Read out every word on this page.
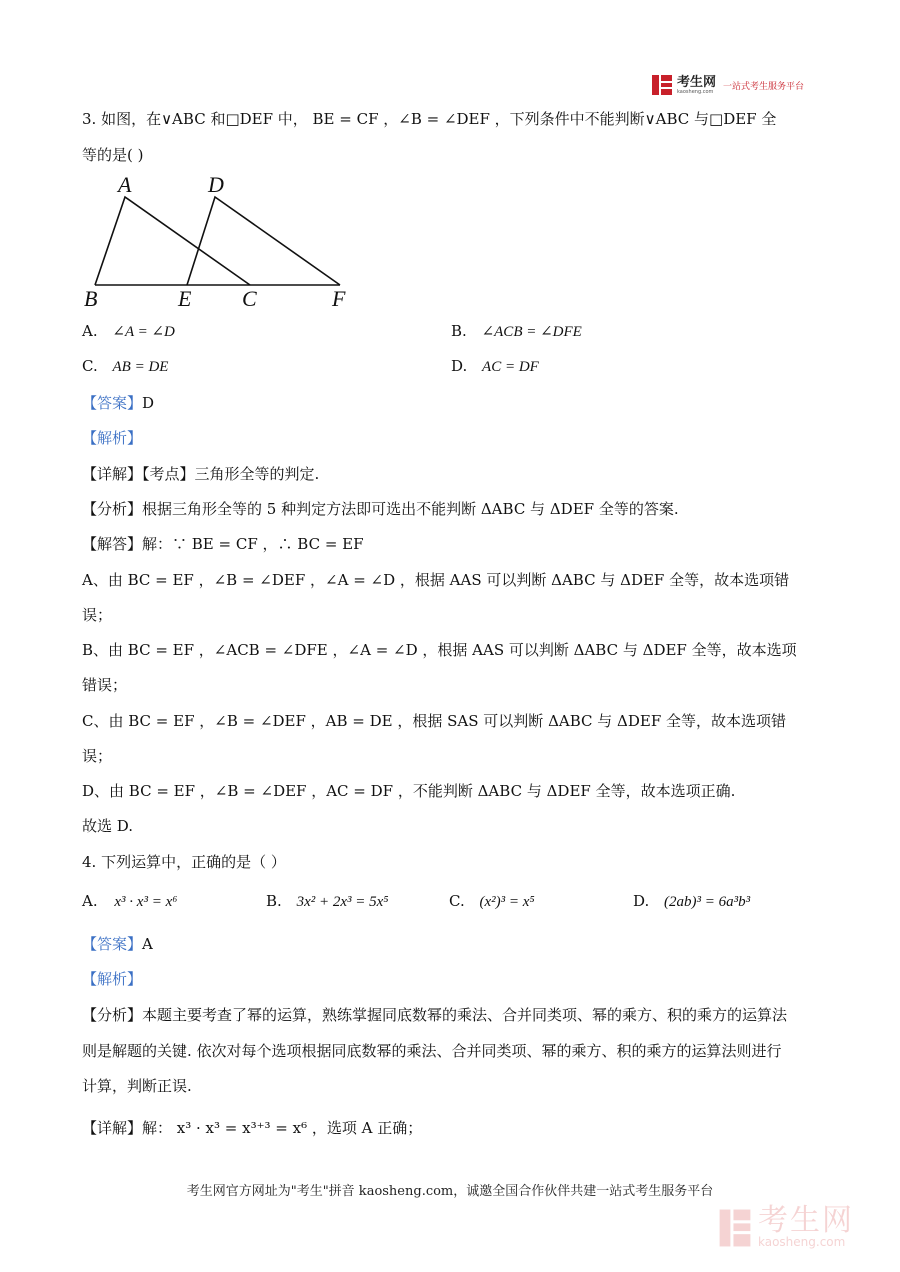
考生网
kaosheng.com 一站式考生服务平台
3. 如图，在∨ABC 和□DEF 中， BE = CF ，∠B = ∠DEF ，下列条件中不能判断∨ABC 与□DEF 全
等的是( )
A	D
B	E C	F
A. ∠A = ∠D	B. ∠ACB = ∠DFE
C. AB = DE	D. AC = DF
【答案】D
【解析】
【详解】【考点】三角形全等的判定.
【分析】根据三角形全等的 5 种判定方法即可选出不能判断 ΔABC 与 ΔDEF 全等的答案.
【解答】解：∵ BE = CF ，∴ BC = EF
A、由 BC = EF ，∠B = ∠DEF ，∠A = ∠D ，根据 AAS 可以判断 ΔABC 与 ΔDEF 全等，故本选项错
误；
B、由 BC = EF ，∠ACB = ∠DFE ，∠A = ∠D ，根据 AAS 可以判断 ΔABC 与 ΔDEF 全等，故本选项
错误；
C、由 BC = EF ，∠B = ∠DEF ，AB = DE ，根据 SAS 可以判断 ΔABC 与 ΔDEF 全等，故本选项错
误；
D、由 BC = EF ，∠B = ∠DEF ，AC = DF ，不能判断 ΔABC 与 ΔDEF 全等，故本选项正确.
故选 D.
4. 下列运算中，正确的是（ ）
A. x³ · x³ = x⁶	B. 3x² + 2x³ = 5x⁵	C. (x²)³ = x⁵	D. (2ab)³ = 6a³b³
【答案】A
【解析】
【分析】本题主要考查了幂的运算，熟练掌握同底数幂的乘法、合并同类项、幂的乘方、积的乘方的运算法
则是解题的关键. 依次对每个选项根据同底数幂的乘法、合并同类项、幂的乘方、积的乘方的运算法则进行
计算，判断正误.
【详解】解： x³ · x³ = x³⁺³ = x⁶ ，选项 A 正确；
考生网官方网址为"考生"拼音 kaosheng.com，诚邀全国合作伙伴共建一站式考生服务平台
考生网
kaosheng.com
